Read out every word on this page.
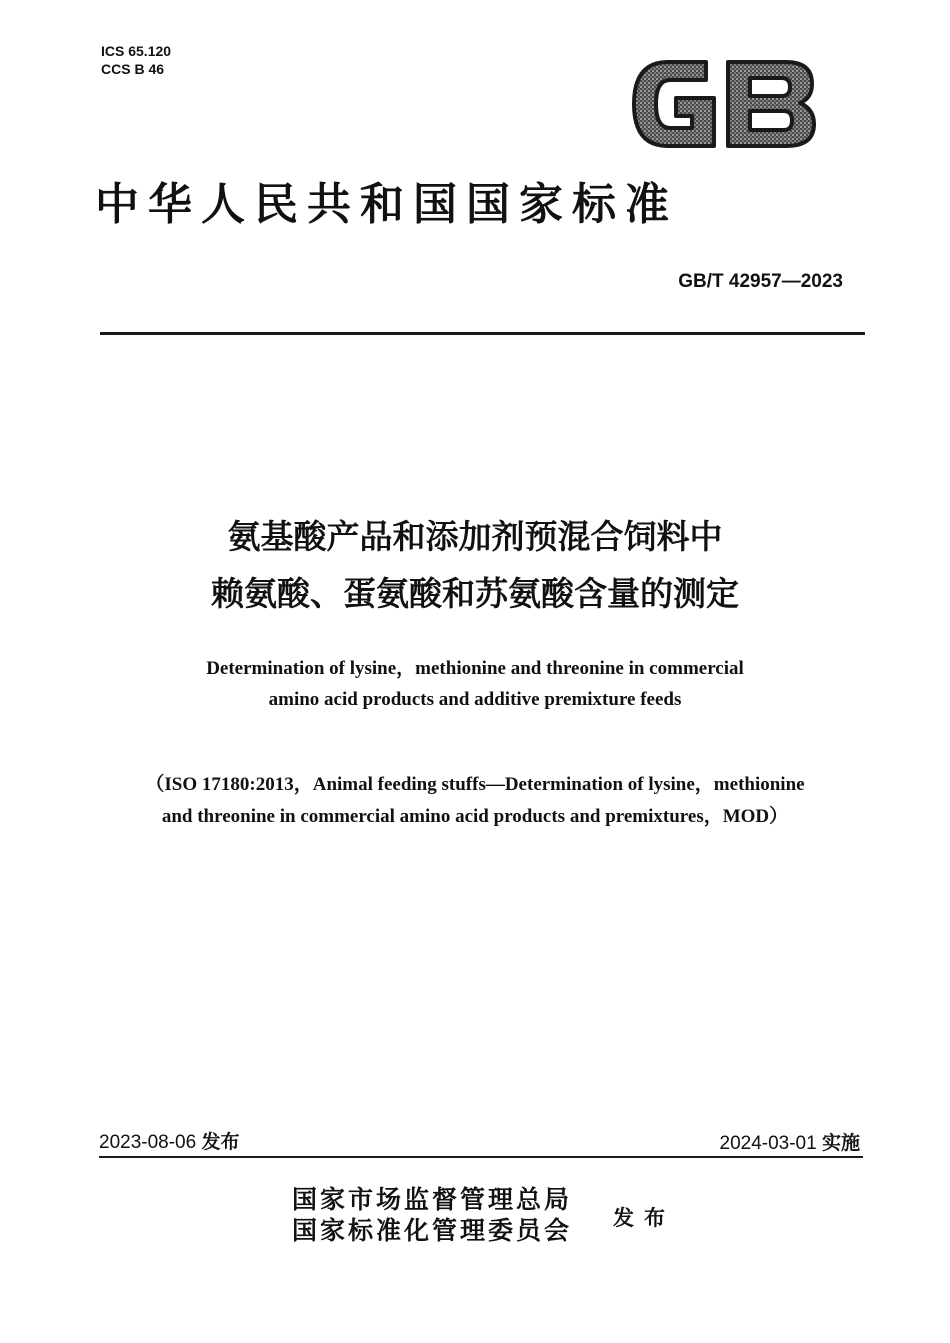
ICS 65.120
CCS B 46
中华人民共和国国家标准
GB/T 42957—2023
氨基酸产品和添加剂预混合饲料中
赖氨酸、蛋氨酸和苏氨酸含量的测定
Determination of lysine，methionine and threonine in commercial
amino acid products and additive premixture feeds
（ISO 17180:2013，Animal feeding stuffs—Determination of lysine，methionine
and threonine in commercial amino acid products and premixtures，MOD）
2023-08-06 发布	2024-03-01 实施
国家市场监督管理总局
国家标准化管理委员会 发布
